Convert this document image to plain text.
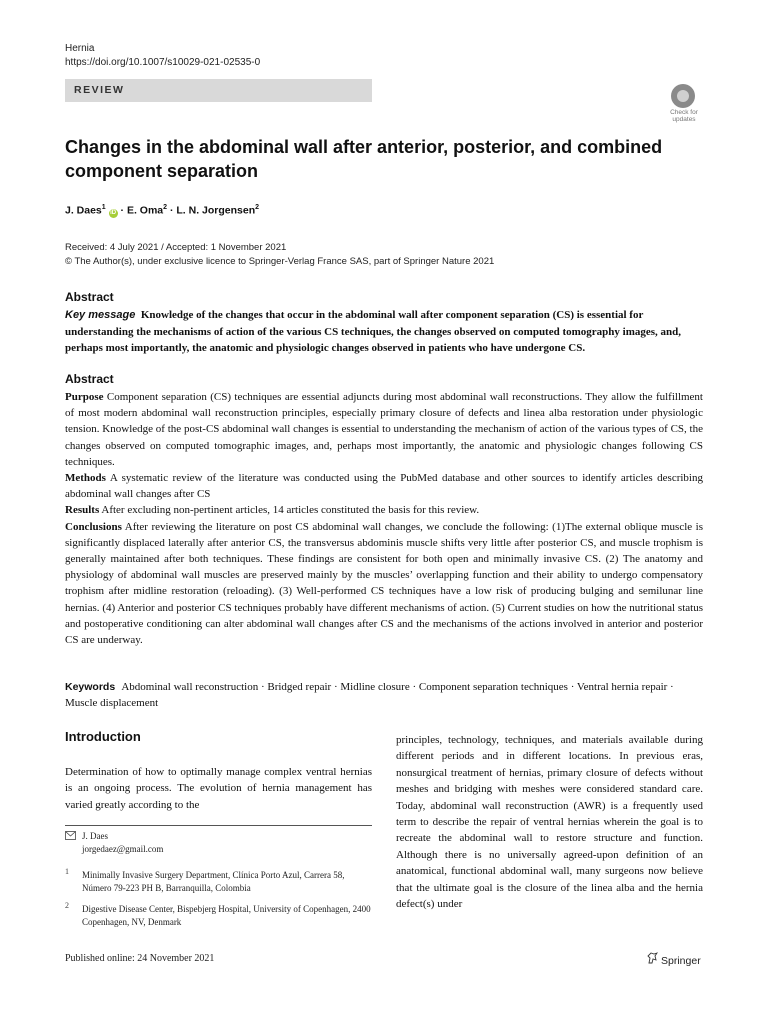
Hernia
https://doi.org/10.1007/s10029-021-02535-0
REVIEW
Check for
updates
Changes in the abdominal wall after anterior, posterior, and combined component separation
J. Daes$^1$ iD · E. Oma$^2$ · L. N. Jorgensen$^2$
Received: 4 July 2021 / Accepted: 1 November 2021
© The Author(s), under exclusive licence to Springer-Verlag France SAS, part of Springer Nature 2021
Abstract
Key message Knowledge of the changes that occur in the abdominal wall after component separation (CS) is essential for understanding the mechanisms of action of the various CS techniques, the changes observed on computed tomography images, and, perhaps most importantly, the anatomic and physiologic changes observed in patients who have undergone CS.
Abstract

Purpose Component separation (CS) techniques are essential adjuncts during most abdominal wall reconstructions. They allow the fulfillment of most modern abdominal wall reconstruction principles, especially primary closure of defects and linea alba restoration under physiologic tension. Knowledge of the post-CS abdominal wall changes is essential to understanding the mechanism of action of the various types of CS, the changes observed on computed tomographic images, and, perhaps most importantly, the anatomic and physiologic changes following CS techniques.

Methods A systematic review of the literature was conducted using the PubMed database and other sources to identify articles describing abdominal wall changes after CS

Results After excluding non-pertinent articles, 14 articles constituted the basis for this review.

Conclusions After reviewing the literature on post CS abdominal wall changes, we conclude the following: (1)The external oblique muscle is significantly displaced laterally after anterior CS, the transversus abdominis muscle shifts very little after posterior CS, and muscle trophism is generally maintained after both techniques. These findings are consistent for both open and minimally invasive CS. (2) The anatomy and physiology of abdominal wall muscles are preserved mainly by the muscles’ overlapping function and their ability to undergo compensatory trophism after midline restoration (reloading). (3) Well-performed CS techniques have a low risk of producing bulging and semilunar line hernias. (4) Anterior and posterior CS techniques probably have different mechanisms of action. (5) Current studies on how the nutritional status and postoperative conditioning can alter abdominal wall changes after CS and the mechanisms of the actions involved in anterior and posterior CS are underway.

Keywords Abdominal wall reconstruction · Bridged repair · Midline closure · Component separation techniques · Ventral hernia repair · Muscle displacement
Introduction
Determination of how to optimally manage complex ventral hernias is an ongoing process. The evolution of hernia management has varied greatly according to the
principles, technology, techniques, and materials available during different periods and in different locations. In previous eras, nonsurgical treatment of hernias, primary closure of defects without meshes and bridging with meshes were considered standard care. Today, abdominal wall reconstruction (AWR) is a frequently used term to describe the repair of ventral hernias wherein the goal is to recreate the abdominal wall to restore structure and function. Although there is no universally agreed-upon definition of an anatomical, functional abdominal wall, many surgeons now believe that the ultimate goal is the closure of the linea alba and the hernia defect(s) under
J. Daes
jorgedaez@gmail.com
1 Minimally Invasive Surgery Department, Clínica Porto Azul, Carrera 58, Número 79-223 PH B, Barranquilla, Colombia
2 Digestive Disease Center, Bispebjerg Hospital, University of Copenhagen, 2400 Copenhagen, NV, Denmark
Published online: 24 November 2021	Springer
